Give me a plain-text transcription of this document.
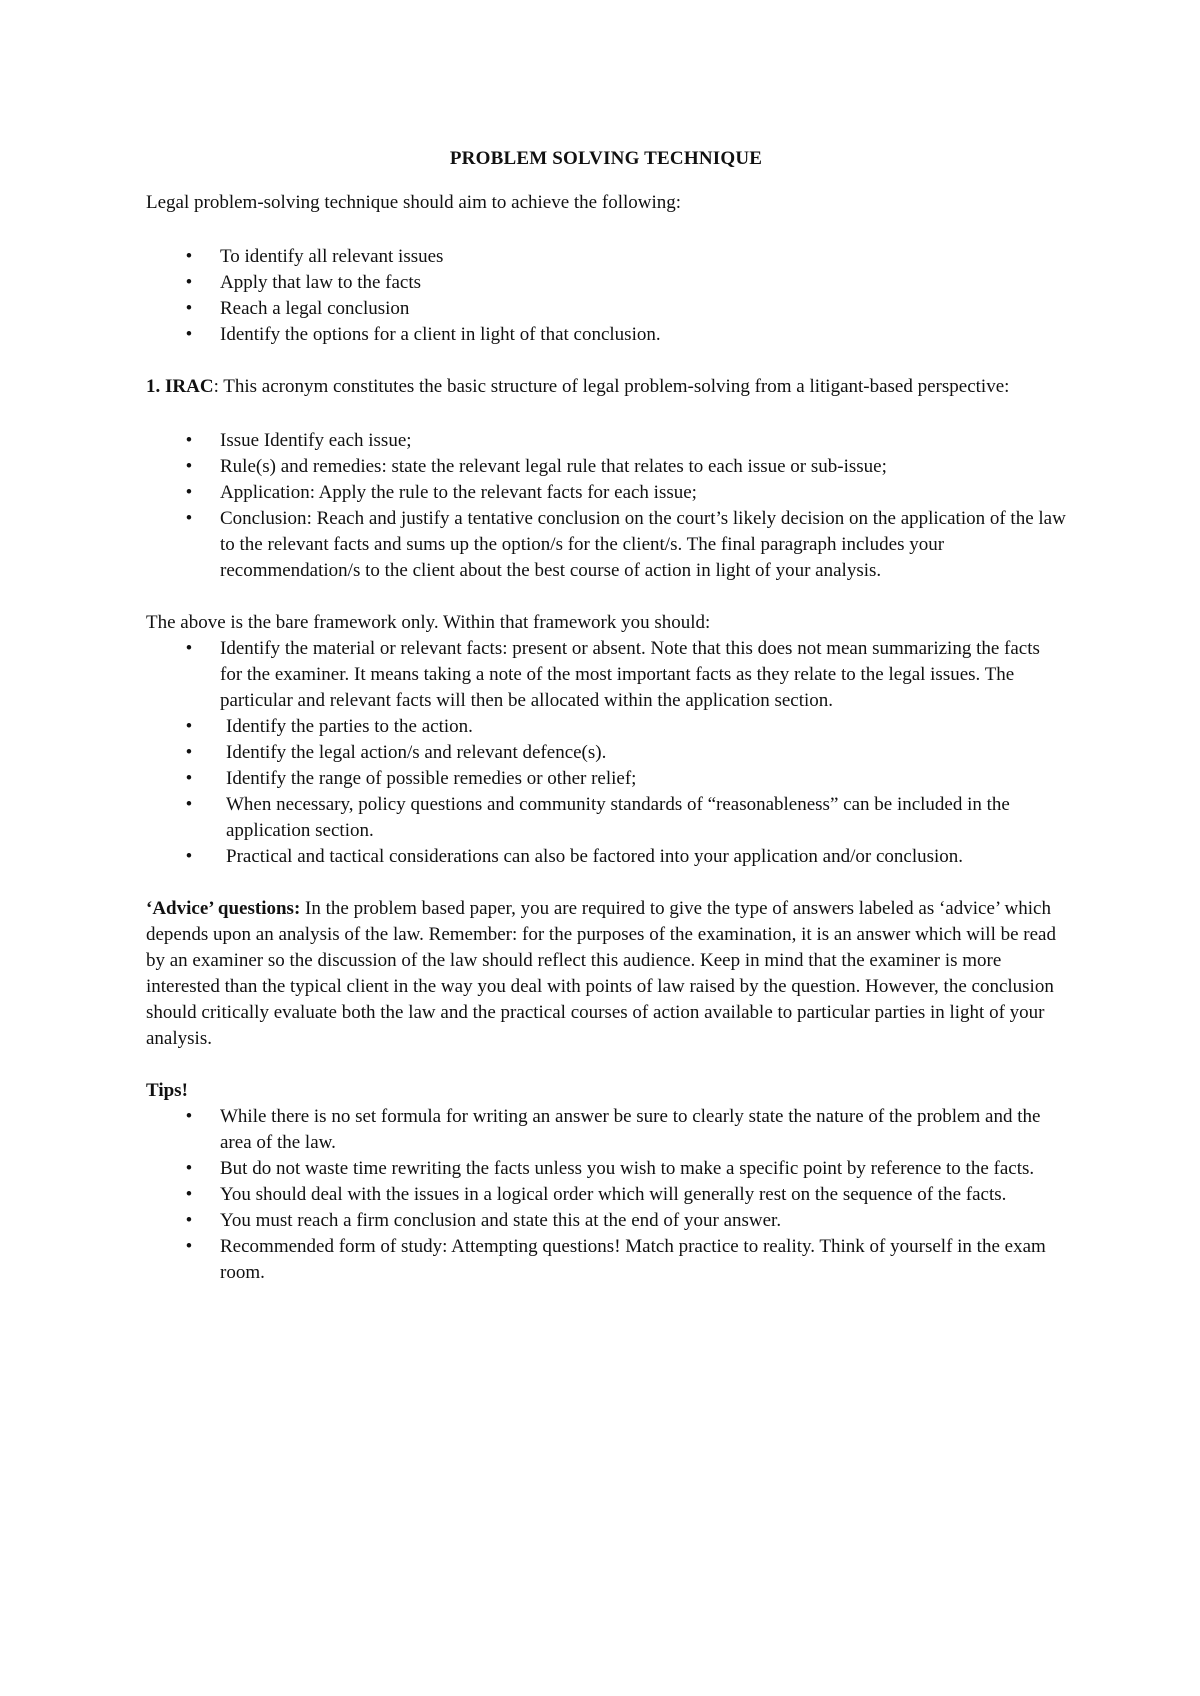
PROBLEM SOLVING TECHNIQUE

Legal problem-solving technique should aim to achieve the following:

• To identify all relevant issues
• Apply that law to the facts
• Reach a legal conclusion
• Identify the options for a client in light of that conclusion.

1. IRAC: This acronym constitutes the basic structure of legal problem-solving from a litigant-based perspective:

• Issue Identify each issue;
• Rule(s) and remedies: state the relevant legal rule that relates to each issue or sub-issue;
• Application: Apply the rule to the relevant facts for each issue;
• Conclusion: Reach and justify a tentative conclusion on the court’s likely decision on the application of the law to the relevant facts and sums up the option/s for the client/s. The final paragraph includes your recommendation/s to the client about the best course of action in light of your analysis.

The above is the bare framework only. Within that framework you should:

• Identify the material or relevant facts: present or absent. Note that this does not mean summarizing the facts for the examiner. It means taking a note of the most important facts as they relate to the legal issues. The particular and relevant facts will then be allocated within the application section.
• Identify the parties to the action.
• Identify the legal action/s and relevant defence(s).
• Identify the range of possible remedies or other relief;
• When necessary, policy questions and community standards of “reasonableness” can be included in the application section.
• Practical and tactical considerations can also be factored into your application and/or conclusion.

‘Advice’ questions: In the problem based paper, you are required to give the type of answers labeled as ‘advice’ which depends upon an analysis of the law. Remember: for the purposes of the examination, it is an answer which will be read by an examiner so the discussion of the law should reflect this audience. Keep in mind that the examiner is more interested than the typical client in the way you deal with points of law raised by the question. However, the conclusion should critically evaluate both the law and the practical courses of action available to particular parties in light of your analysis.

Tips!

• While there is no set formula for writing an answer be sure to clearly state the nature of the problem and the area of the law.
• But do not waste time rewriting the facts unless you wish to make a specific point by reference to the facts.
• You should deal with the issues in a logical order which will generally rest on the sequence of the facts.
• You must reach a firm conclusion and state this at the end of your answer.
• Recommended form of study: Attempting questions! Match practice to reality. Think of yourself in the exam room.
